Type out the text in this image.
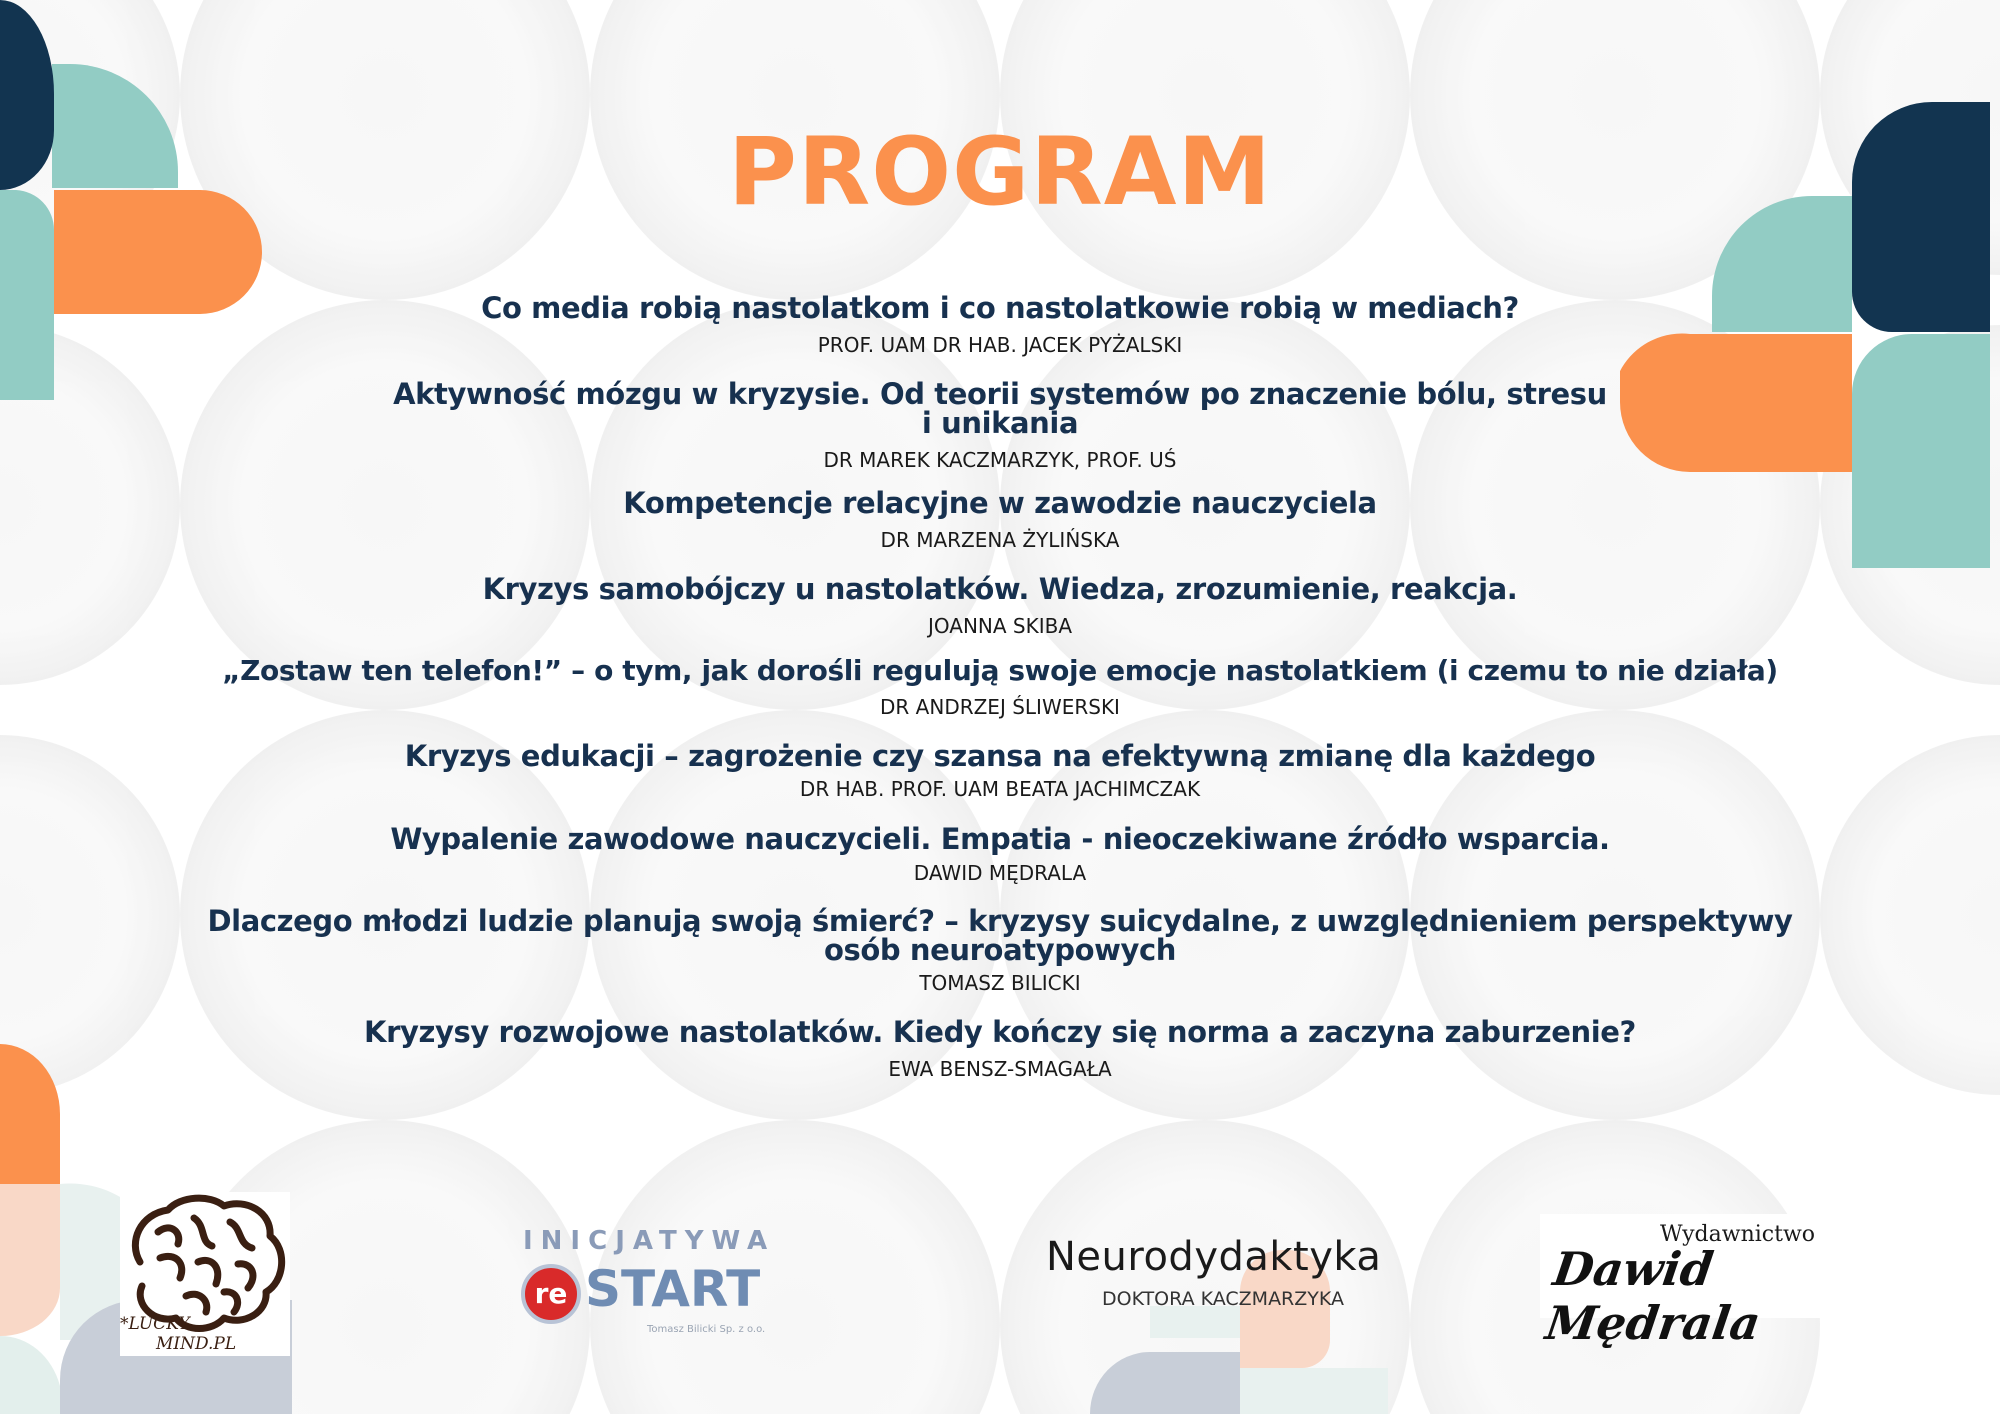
PROGRAM
Co media robią nastolatkom i co nastolatkowie robią w mediach?
PROF. UAM DR HAB. JACEK PYŻALSKI
Aktywność mózgu w kryzysie. Od teorii systemów po znaczenie bólu, stresu
i unikania
DR MAREK KACZMARZYK, PROF. UŚ
Kompetencje relacyjne w zawodzie nauczyciela
DR MARZENA ŻYLIŃSKA
Kryzys samobójczy u nastolatków. Wiedza, zrozumienie, reakcja.
JOANNA SKIBA
„Zostaw ten telefon!” – o tym, jak dorośli regulują swoje emocje nastolatkiem (i czemu to nie działa)
DR ANDRZEJ ŚLIWERSKI
Kryzys edukacji – zagrożenie czy szansa na efektywną zmianę dla każdego
DR HAB. PROF. UAM BEATA JACHIMCZAK
Wypalenie zawodowe nauczycieli. Empatia - nieoczekiwane źródło wsparcia.
DAWID MĘDRALA
Dlaczego młodzi ludzie planują swoją śmierć? – kryzysy suicydalne, z uwzględnieniem perspektywy
osób neuroatypowych
TOMASZ BILICKI
Kryzysy rozwojowe nastolatków. Kiedy kończy się norma a zaczyna zaburzenie?
EWA BENSZ-SMAGAŁA
*LUCKY
MIND.PL
INICJATYWA
re START
Tomasz Bilicki Sp. z o.o.
Neurodydaktyka
DOKTORA KACZMARZYKA
Wydawnictwo
Dawid Mędrala
